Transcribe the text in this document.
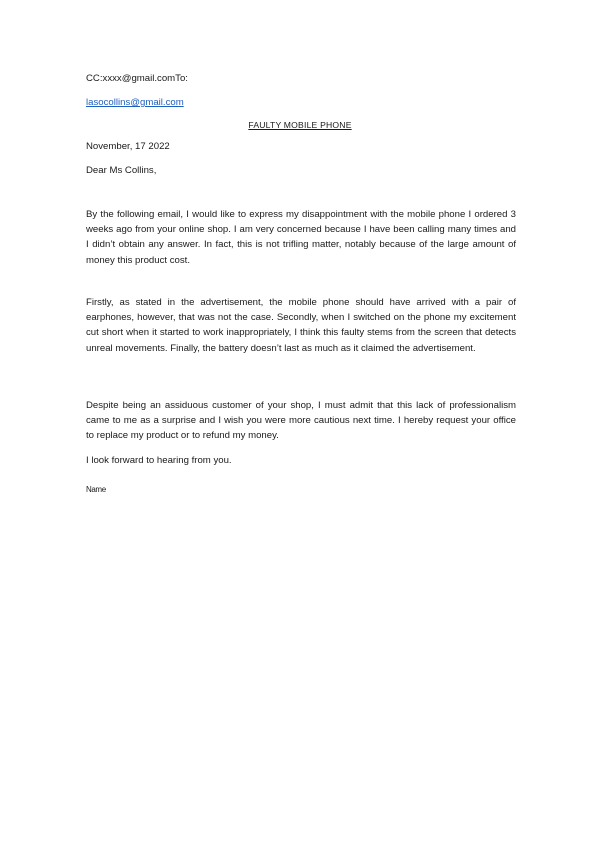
CC:xxxx@gmail.comTo:
lasocollins@gmail.com
FAULTY MOBILE PHONE
November, 17 2022
Dear Ms Collins,
By the following email, I would like to express my disappointment with the mobile phone I ordered 3 weeks ago from your online shop. I am very concerned because I have been calling many times and I didn’t obtain any answer. In fact, this is not trifling matter, notably because of the large amount of money this product cost.
Firstly, as stated in the advertisement, the mobile phone should have arrived with a pair of earphones, however, that was not the case. Secondly, when I switched on the phone my excitement cut short when it started to work inappropriately, I think this faulty stems from the screen that detects unreal movements. Finally, the battery doesn’t last as much as it claimed the advertisement.
Despite being an assiduous customer of your shop, I must admit that this lack of professionalism came to me as a surprise and I wish you were more cautious next time. I hereby request your office to replace my product or to refund my money.
I look forward to hearing from you.
Name
